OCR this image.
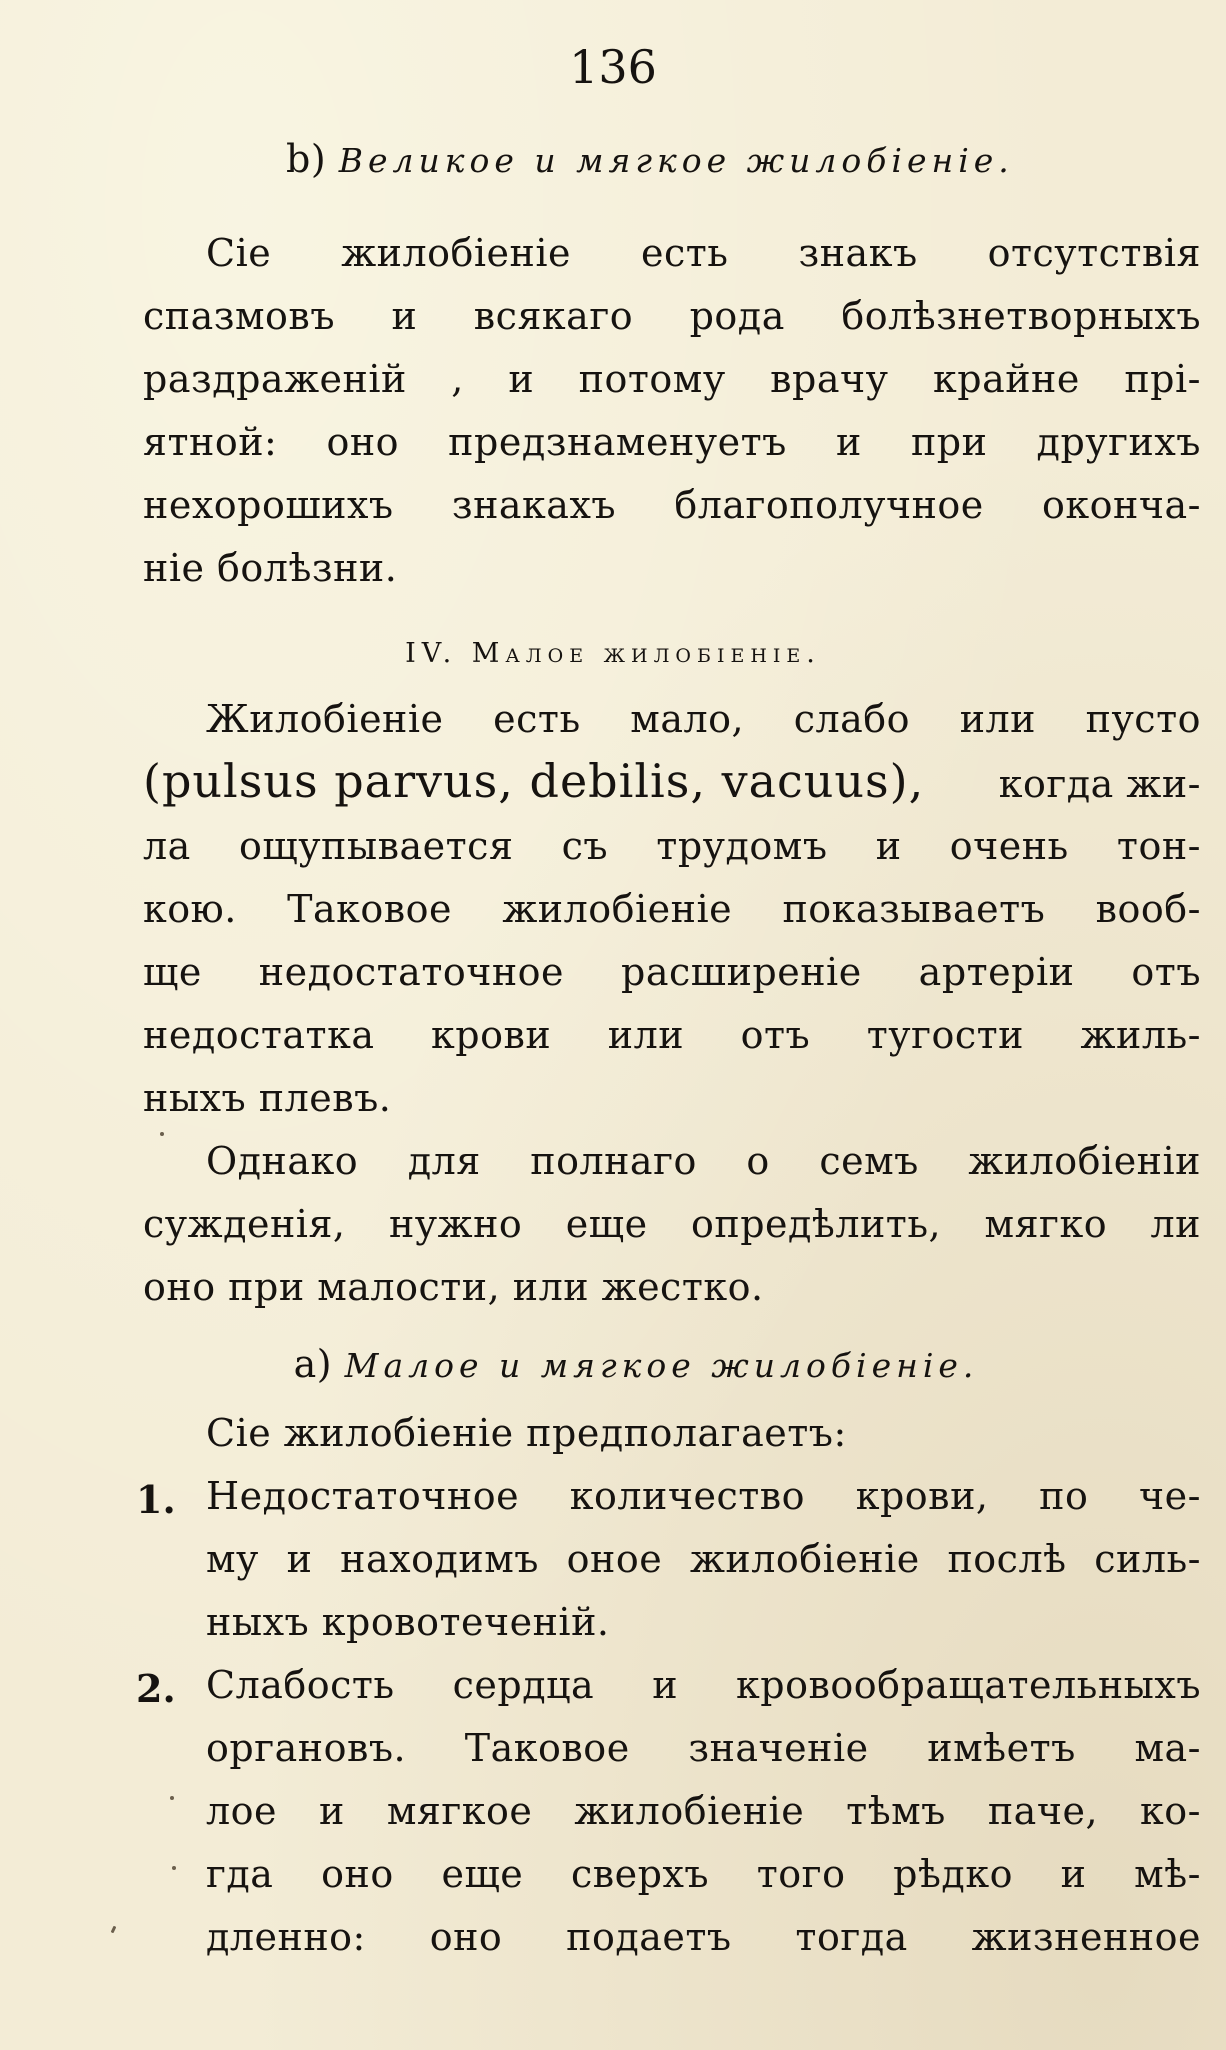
136
b) Великое и мягкое жилобіеніе.
Сіе жилобіеніе есть знакъ отсутствія
спазмовъ и всякаго рода болѣзнетворныхъ
раздраженій , и потому врачу крайне прі-
ятной: оно предзнаменуетъ и при другихъ
нехорошихъ знакахъ благополучное оконча-
ніе болѣзни.
IV. Малое жилобіеніе.
Жилобіеніе есть мало, слабо или пусто
(pulsus parvus, debilis, vacuus), когда жи-
ла ощупывается съ трудомъ и очень тон-
кою. Таковое жилобіеніе показываетъ вооб-
ще недостаточное расширеніе артеріи отъ
недостатка крови или отъ тугости жиль-
ныхъ плевъ.
Однако для полнаго о семъ жилобіеніи
сужденія, нужно еще опредѣлить, мягко ли
оно при малости, или жестко.
a) Малое и мягкое жилобіеніе.
Сіе жилобіеніе предполагаетъ:
1. Недостаточное количество крови, по че-
му и находимъ оное жилобіеніе послѣ силь-
ныхъ кровотеченій.
2. Слабость сердца и кровообращательныхъ
органовъ. Таковое значеніе имѣетъ ма-
лое и мягкое жилобіеніе тѣмъ паче, ко-
гда оно еще сверхъ того рѣдко и мѣ-
дленно: оно подаетъ тогда жизненное
